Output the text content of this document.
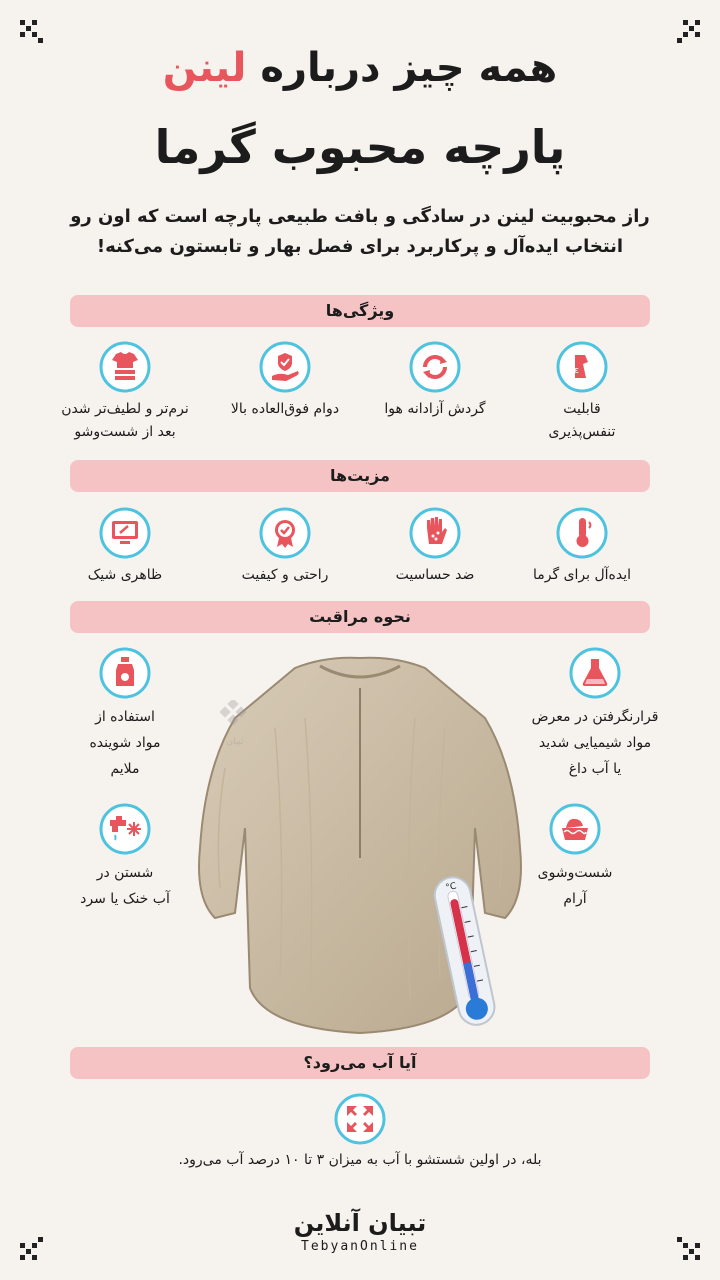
همه چیز درباره لینن
پارچه محبوب گرما
راز محبوبیت لینن در سادگی و بافت طبیعی پارچه است که اون رو انتخاب ایده‌آل و پرکاربرد برای فصل بهار و تابستون می‌کنه!
ویژگی‌ها
ε
قابلیت
تنفس‌پذیری
گردش آزادانه هوا
دوام فوق‌العاده بالا
نرم‌تر و لطیف‌تر شدن
بعد از شست‌وشو
مزیت‌ها
ایده‌آل برای گرما
ضد حساسیت
راحتی و کیفیت
ظاهری شیک
نحوه مراقبت
تبیان
°C
قرارنگرفتن در معرض
مواد شیمیایی شدید
یا آب داغ
استفاده از
مواد شوینده
ملایم
شست‌وشوی
آرام
شستن در
آب خنک یا سرد
آیا آب می‌رود؟
بله، در اولین شستشو با آب به میزان ۳ تا ۱۰ درصد آب می‌رود.
تبیان آنلاین
TebyanOnline
